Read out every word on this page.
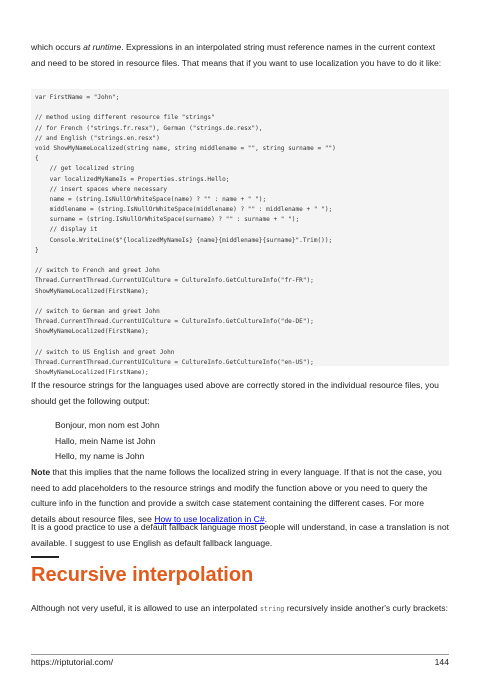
which occurs at runtime. Expressions in an interpolated string must reference names in the current context and need to be stored in resource files. That means that if you want to use localization you have to do it like:

var FirstName = "John";
// method using different resource file "strings"
// for French ("strings.fr.resx"), German ("strings.de.resx"),
// and English ("strings.en.resx")
void ShowMyNameLocalized(string name, string middlename = "", string surname = "")
{
// get localized string
var localizedMyNameIs = Properties.strings.Hello;
// insert spaces where necessary
name = (string.IsNullOrWhiteSpace(name) ? "" : name + " ");
middlename = (string.IsNullOrWhiteSpace(middlename) ? "" : middlename + " ");
surname = (string.IsNullOrWhiteSpace(surname) ? "" : surname + " ");
// display it
Console.WriteLine($"{localizedMyNameIs} {name}{middlename}{surname}".Trim());
}
// switch to French and greet John
Thread.CurrentThread.CurrentUICulture = CultureInfo.GetCultureInfo("fr-FR");
ShowMyNameLocalized(FirstName);
// switch to German and greet John
Thread.CurrentThread.CurrentUICulture = CultureInfo.GetCultureInfo("de-DE");
ShowMyNameLocalized(FirstName);
// switch to US English and greet John
Thread.CurrentThread.CurrentUICulture = CultureInfo.GetCultureInfo("en-US");
ShowMyNameLocalized(FirstName);

If the resource strings for the languages used above are correctly stored in the individual resource files, you should get the following output:

Bonjour, mon nom est John
Hallo, mein Name ist John
Hello, my name is John

Note that this implies that the name follows the localized string in every language. If that is not the case, you need to add placeholders to the resource strings and modify the function above or you need to query the culture info in the function and provide a switch case statement containing the different cases. For more details about resource files, see How to use localization in C#.

It is a good practice to use a default fallback language most people will understand, in case a translation is not available. I suggest to use English as default fallback language.

Recursive interpolation

Although not very useful, it is allowed to use an interpolated string recursively inside another's curly brackets:

https://riptutorial.com/	144
